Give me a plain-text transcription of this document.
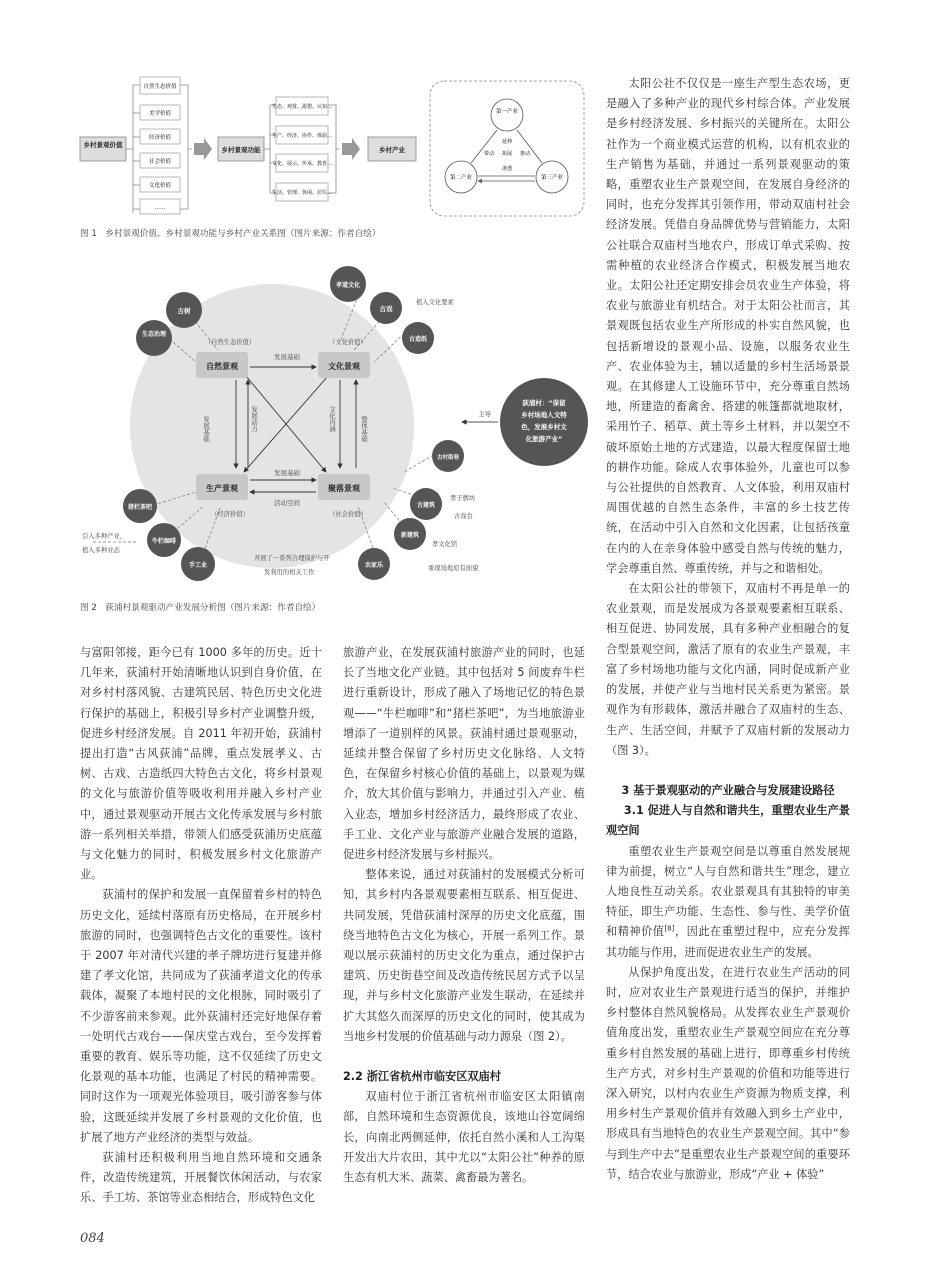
乡村景观价值
自然生态价值
美学价值
经济价值
社会价值
文化价值
……
乡村景观功能
生态、观赏、游憩、认知…
生产、经济、协作、体验…
文化、展示、传承、教育…
生活、管理、休闲、居住…
乡村产业
第一产业
第二产业	第三产业
延伸
带动 拓展 推动
渗透
图 1　乡村景观价值、乡村景观功能与乡村产业关系图（图片来源：作者自绘）
荻浦村：“保留
乡村场地人文特
色，发展乡村文
化旅游产业”
主导
植入文化要素
发展基础
发展基础
活动空间
发展基础	发展动力	文化内涵	整体基础
自然景观	文化景观
生产景观	聚落景观
（自然生态价值）	（文化价值）
（经济价值）	（社会价值）
古树
生态治理
孝道文化
古戏
古造纸
古村街巷
古建筑
新建筑
农家乐
猪栏茶吧
牛栏咖啡
手工业
孝子牌坊
古戏台
孝文化馆
重现场地原有面貌
引入多种产业，
植入多种业态
开展了一系列合理保护与开
发利用的相关工作
图 2　荻浦村景观驱动产业发展分析图（图片来源：作者自绘）

与富阳邻接，距今已有 1000 多年的历史。近十几年来，荻浦村开始清晰地认识到自身价值，在对乡村村落风貌、古建筑民居、特色历史文化进行保护的基础上，积极引导乡村产业调整升级，促进乡村经济发展。自 2011 年初开始，荻浦村提出打造“古风荻浦”品牌，重点发展孝义、古树、古戏、古造纸四大特色古文化，将乡村景观的文化与旅游价值等吸收利用并融入乡村产业中，通过景观驱动开展古文化传承发展与乡村旅游一系列相关举措，带领人们感受荻浦历史底蕴与文化魅力的同时，积极发展乡村文化旅游产业。

荻浦村的保护和发展一直保留着乡村的特色历史文化，延续村落原有历史格局，在开展乡村旅游的同时，也强调特色古文化的重要性。该村于 2007 年对清代兴建的孝子牌坊进行复建并修建了孝文化馆，共同成为了荻浦孝道文化的传承载体，凝聚了本地村民的文化根脉，同时吸引了不少游客前来参观。此外荻浦村还完好地保存着一处明代古戏台——保庆堂古戏台，至今发挥着重要的教育、娱乐等功能，这不仅延续了历史文化景观的基本功能，也满足了村民的精神需要。同时这作为一项观光体验项目，吸引游客参与体验，这既延续并发展了乡村景观的文化价值，也扩展了地方产业经济的类型与效益。

荻浦村还积极利用当地自然环境和交通条件，改造传统建筑，开展餐饮休闲活动，与农家乐、手工坊、茶馆等业态相结合，形成特色文化

旅游产业，在发展荻浦村旅游产业的同时，也延长了当地文化产业链。其中包括对 5 间废弃牛栏进行重新设计，形成了融入了场地记忆的特色景观——“牛栏咖啡”和“猪栏茶吧”，为当地旅游业增添了一道别样的风景。荻浦村通过景观驱动，延续并整合保留了乡村历史文化脉络、人文特色，在保留乡村核心价值的基础上，以景观为媒介，放大其价值与影响力，并通过引入产业、植入业态，增加乡村经济活力，最终形成了农业、手工业、文化产业与旅游产业融合发展的道路，促进乡村经济发展与乡村振兴。

整体来说，通过对荻浦村的发展模式分析可知，其乡村内各景观要素相互联系、相互促进、共同发展，凭借荻浦村深厚的历史文化底蕴，围绕当地特色古文化为核心，开展一系列工作。景观以展示荻浦村的历史文化为重点，通过保护古建筑、历史街巷空间及改造传统民居方式予以呈现，并与乡村文化旅游产业发生联动，在延续并扩大其悠久而深厚的历史文化的同时，使其成为当地乡村发展的价值基础与动力源泉（图 2）。

2.2 浙江省杭州市临安区双庙村

双庙村位于浙江省杭州市临安区太阳镇南部，自然环境和生态资源优良，该地山谷宽阔绵长，向南北两侧延伸，依托自然小溪和人工沟渠开发出大片农田，其中尤以“太阳公社”种养的原生态有机大米、蔬菜、禽畜最为著名。

太阳公社不仅仅是一座生产型生态农场，更是融入了多种产业的现代乡村综合体。产业发展是乡村经济发展、乡村振兴的关键所在。太阳公社作为一个商业模式运营的机构，以有机农业的生产销售为基础，并通过一系列景观驱动的策略，重塑农业生产景观空间，在发展自身经济的同时，也充分发挥其引领作用，带动双庙村社会经济发展。凭借自身品牌优势与营销能力，太阳公社联合双庙村当地农户，形成订单式采购、按需种植的农业经济合作模式，积极发展当地农业。太阳公社还定期安排会员农业生产体验，将农业与旅游业有机结合。对于太阳公社而言，其景观既包括农业生产所形成的朴实自然风貌，也包括新增设的景观小品、设施，以服务农业生产、农业体验为主，辅以适量的乡村生活场景景观。在其修建人工设施环节中，充分尊重自然场地，所建造的畜禽舍、搭建的帐篷都就地取材，采用竹子、稻草、黄土等乡土材料，并以架空不破坏原始土地的方式建造，以最大程度保留土地的耕作功能。除成人农事体验外，儿童也可以参与公社提供的自然教育、人文体验，利用双庙村周围优越的自然生态条件，丰富的乡土技艺传统，在活动中引入自然和文化因素，让包括孩童在内的人在亲身体验中感受自然与传统的魅力，学会尊重自然、尊重传统，并与之和谐相处。

在太阳公社的带领下，双庙村不再是单一的农业景观，而是发展成为各景观要素相互联系、相互促进、协同发展，具有多种产业相融合的复合型景观空间，激活了原有的农业生产景观，丰富了乡村场地功能与文化内涵，同时促成新产业的发展，并使产业与当地村民关系更为紧密。景观作为有形载体，激活并融合了双庙村的生态、生产、生活空间，并赋予了双庙村新的发展动力（图 3）。

3 基于景观驱动的产业融合与发展建设路径
3.1 促进人与自然和谐共生，重塑农业生产景观空间

重塑农业生产景观空间是以尊重自然发展规律为前提，树立“人与自然和谐共生”理念，建立人地良性互动关系。农业景观具有其独特的审美特征，即生产功能、生态性、参与性、美学价值和精神价值[8]，因此在重塑过程中，应充分发挥其功能与作用，进而促进农业生产的发展。

从保护角度出发，在进行农业生产活动的同时，应对农业生产景观进行适当的保护，并维护乡村整体自然风貌格局。从发挥农业生产景观价值角度出发，重塑农业生产景观空间应在充分尊重乡村自然发展的基础上进行，即尊重乡村传统生产方式，对乡村生产景观的价值和功能等进行深入研究，以村内农业生产资源为物质支撑，利用乡村生产景观价值并有效融入到乡土产业中，形成具有当地特色的农业生产景观空间。其中“参与到生产中去”是重塑农业生产景观空间的重要环节，结合农业与旅游业，形成“产业 + 体验”

084
